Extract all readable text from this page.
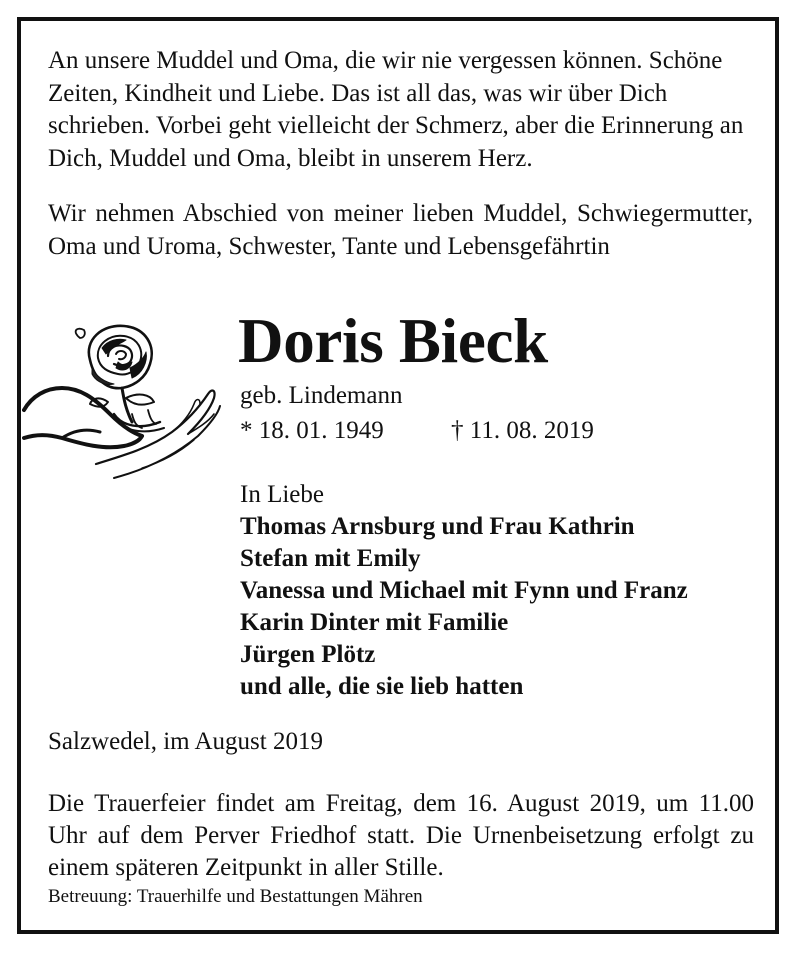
An unsere Muddel und Oma, die wir nie vergessen können. Schöne Zeiten, Kindheit und Liebe. Das ist all das, was wir über Dich schrieben. Vorbei geht vielleicht der Schmerz, aber die Erinnerung an Dich, Muddel und Oma, bleibt in unserem Herz.

Wir nehmen Abschied von meiner lieben Muddel, Schwiegermutter, Oma und Uroma, Schwester, Tante und Lebensgefährtin

Doris Bieck
geb. Lindemann
* 18. 01. 1949	† 11. 08. 2019
In Liebe
Thomas Arnsburg und Frau Kathrin
Stefan mit Emily
Vanessa und Michael mit Fynn und Franz
Karin Dinter mit Familie
Jürgen Plötz
und alle, die sie lieb hatten
Salzwedel, im August 2019

Die Trauerfeier findet am Freitag, dem 16. August 2019, um 11.00 Uhr auf dem Perver Friedhof statt. Die Urnenbeisetzung erfolgt zu einem späteren Zeitpunkt in aller Stille.

Betreuung: Trauerhilfe und Bestattungen Mähren
